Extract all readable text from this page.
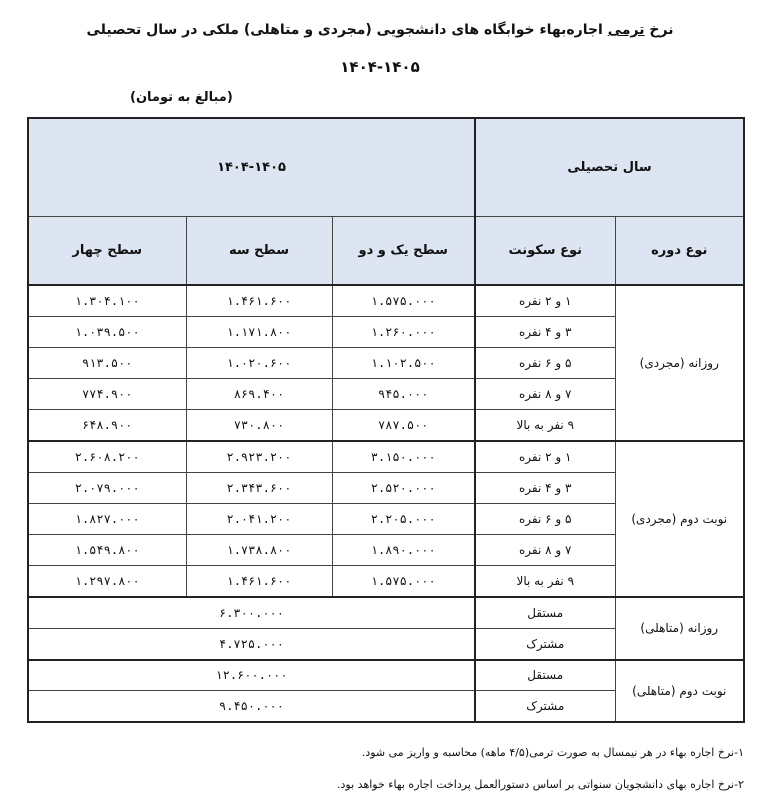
نرخ ترمی اجاره‌بهاء خوابگاه های دانشجویی (مجردی و متاهلی) ملکی در سال تحصیلی
۱۴۰۴-۱۴۰۵
(مبالغ به تومان)
۱۴۰۴-۱۴۰۵			سال تحصیلی	
سطح چهار	سطح سه	سطح یک و دو	نوع سکونت	نوع دوره
۱.۳۰۴.۱۰۰	۱.۴۶۱.۶۰۰	۱.۵۷۵.۰۰۰	۱ و ۲ نفره	روزانه (مجردی)
۱.۰۳۹.۵۰۰	۱.۱۷۱.۸۰۰	۱.۲۶۰.۰۰۰	۳ و ۴ نفره	
۹۱۳.۵۰۰	۱.۰۲۰.۶۰۰	۱.۱۰۲.۵۰۰	۵ و ۶ نفره	
۷۷۴.۹۰۰	۸۶۹.۴۰۰	۹۴۵.۰۰۰	۷ و ۸ نفره	
۶۴۸.۹۰۰	۷۳۰.۸۰۰	۷۸۷.۵۰۰	۹ نفر به بالا	
۲.۶۰۸.۲۰۰	۲.۹۲۳.۲۰۰	۳.۱۵۰.۰۰۰	۱ و ۲ نفره	نوبت دوم (مجردی)
۲.۰۷۹.۰۰۰	۲.۳۴۳.۶۰۰	۲.۵۲۰.۰۰۰	۳ و ۴ نفره	
۱.۸۲۷.۰۰۰	۲.۰۴۱.۲۰۰	۲.۲۰۵.۰۰۰	۵ و ۶ نفره	
۱.۵۴۹.۸۰۰	۱.۷۳۸.۸۰۰	۱.۸۹۰.۰۰۰	۷ و ۸ نفره	
۱.۲۹۷.۸۰۰	۱.۴۶۱.۶۰۰	۱.۵۷۵.۰۰۰	۹ نفر به بالا	
۶.۳۰۰.۰۰۰			مستقل	روزانه (متاهلی)
۴.۷۲۵.۰۰۰			مشترک	
۱۲.۶۰۰.۰۰۰			مستقل	نوبت دوم (متاهلی)
۹.۴۵۰.۰۰۰			مشترک	
۱-نرخ اجاره بهاء در هر نیمسال به صورت ترمی(۴/۵ ماهه) محاسبه و واریز می شود.
۲-نرخ اجاره بهای دانشجویان سنواتی بر اساس دستورالعمل پرداخت اجاره بهاء خواهد بود.
